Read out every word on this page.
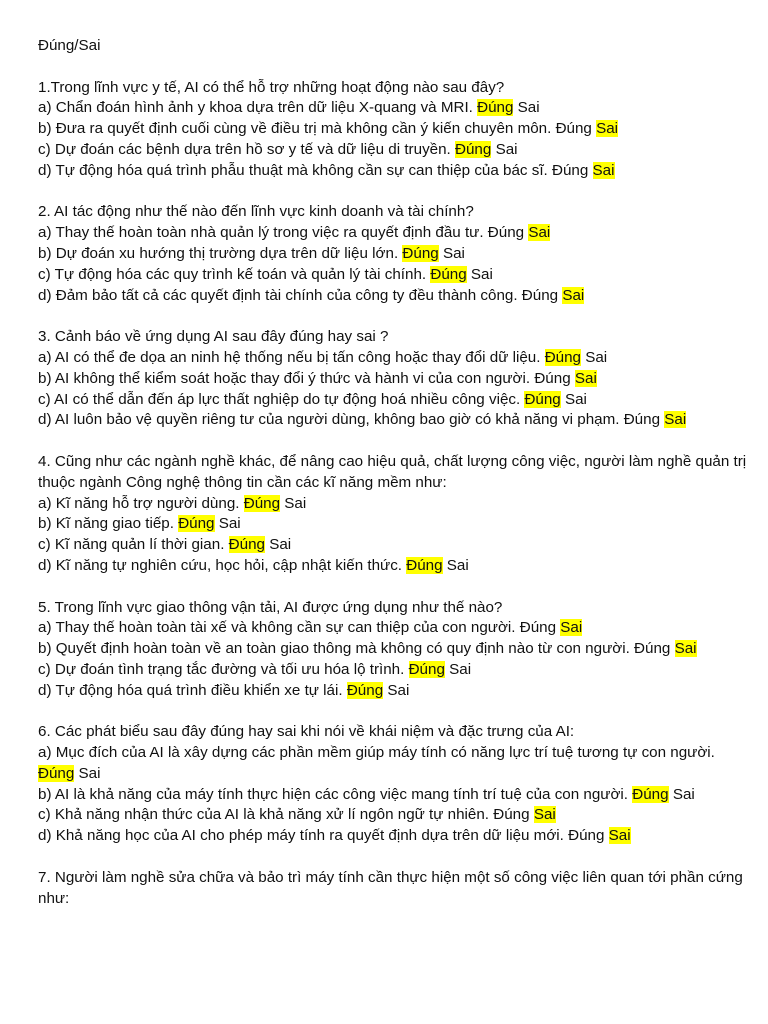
Đúng/Sai
1.Trong lĩnh vực y tế, AI có thể hỗ trợ những hoạt động nào sau đây?
a) Chẩn đoán hình ảnh y khoa dựa trên dữ liệu X-quang và MRI. Đúng Sai
b) Đưa ra quyết định cuối cùng về điều trị mà không cần ý kiến chuyên môn. Đúng Sai
c) Dự đoán các bệnh dựa trên hồ sơ y tế và dữ liệu di truyền. Đúng Sai
d) Tự động hóa quá trình phẫu thuật mà không cần sự can thiệp của bác sĩ. Đúng Sai
2. AI tác động như thế nào đến lĩnh vực kinh doanh và tài chính?
a) Thay thế hoàn toàn nhà quản lý trong việc ra quyết định đầu tư. Đúng Sai
b) Dự đoán xu hướng thị trường dựa trên dữ liệu lớn. Đúng Sai
c) Tự động hóa các quy trình kế toán và quản lý tài chính. Đúng Sai
d) Đảm bảo tất cả các quyết định tài chính của công ty đều thành công. Đúng Sai
3. Cảnh báo về ứng dụng AI sau đây đúng hay sai ?
a) AI có thể đe dọa an ninh hệ thống nếu bị tấn công hoặc thay đổi dữ liệu. Đúng Sai
b) AI không thể kiểm soát hoặc thay đổi ý thức và hành vi của con người. Đúng Sai
c) AI có thể dẫn đến áp lực thất nghiệp do tự động hoá nhiều công việc. Đúng Sai
d) AI luôn bảo vệ quyền riêng tư của người dùng, không bao giờ có khả năng vi phạm. Đúng Sai
4. Cũng như các ngành nghề khác, để nâng cao hiệu quả, chất lượng công việc, người làm nghề quản trị thuộc ngành Công nghệ thông tin cần các kĩ năng mềm như:
a) Kĩ năng hỗ trợ người dùng. Đúng Sai
b) Kĩ năng giao tiếp. Đúng Sai
c) Kĩ năng quản lí thời gian. Đúng Sai
d) Kĩ năng tự nghiên cứu, học hỏi, cập nhật kiến thức. Đúng Sai
5. Trong lĩnh vực giao thông vận tải, AI được ứng dụng như thế nào?
a) Thay thế hoàn toàn tài xế và không cần sự can thiệp của con người. Đúng Sai
b) Quyết định hoàn toàn về an toàn giao thông mà không có quy định nào từ con người. Đúng Sai
c) Dự đoán tình trạng tắc đường và tối ưu hóa lộ trình. Đúng Sai
d) Tự động hóa quá trình điều khiển xe tự lái. Đúng Sai
6. Các phát biểu sau đây đúng hay sai khi nói về khái niệm và đặc trưng của AI:
a) Mục đích của AI là xây dựng các phần mềm giúp máy tính có năng lực trí tuệ tương tự con người. Đúng Sai
b) AI là khả năng của máy tính thực hiện các công việc mang tính trí tuệ của con người. Đúng Sai
c) Khả năng nhận thức của AI là khả năng xử lí ngôn ngữ tự nhiên. Đúng Sai
d) Khả năng học của AI cho phép máy tính ra quyết định dựa trên dữ liệu mới. Đúng Sai
7. Người làm nghề sửa chữa và bảo trì máy tính cần thực hiện một số công việc liên quan tới phần cứng như:
